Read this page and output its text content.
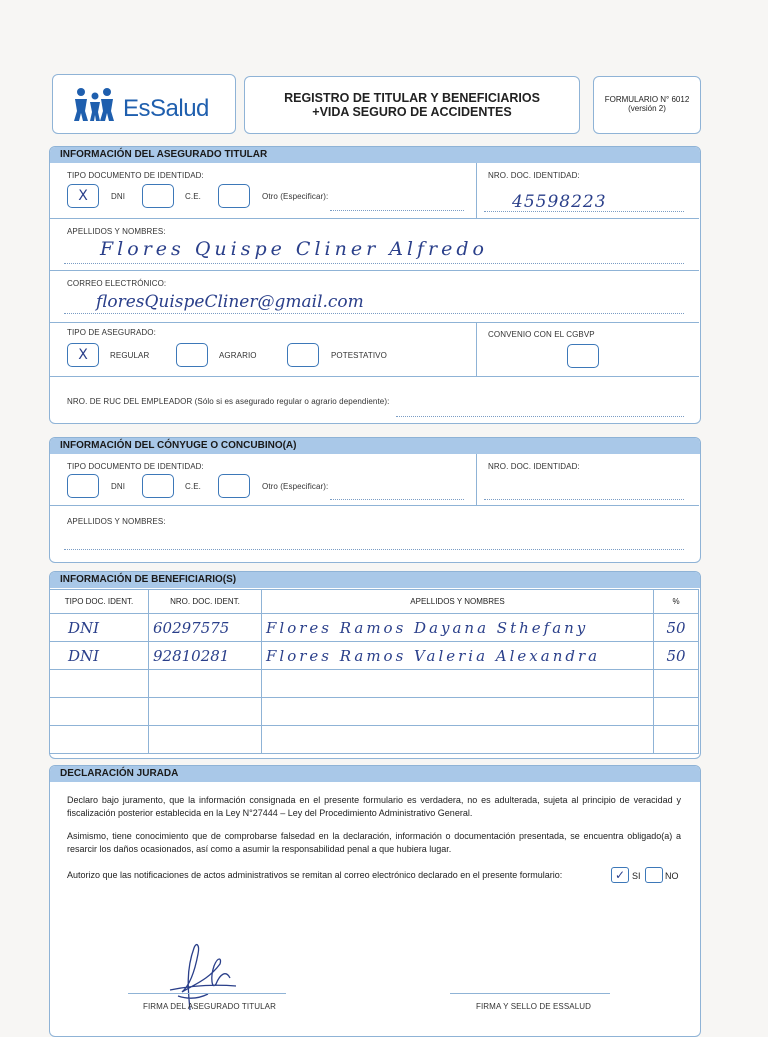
EsSalud	REGISTRO DE TITULAR Y BENEFICIARIOS
+VIDA SEGURO DE ACCIDENTES
FORMULARIO N° 6012
(versión 2)
INFORMACIÓN DEL ASEGURADO TITULAR
TIPO DOCUMENTO DE IDENTIDAD:
X	DNI	C.E.	Otro (Especificar):
NRO. DOC. IDENTIDAD:
45598223
APELLIDOS Y NOMBRES:
Flores Quispe Cliner Alfredo
CORREO ELECTRÓNICO:
floresQuispeCliner@gmail.com
TIPO DE ASEGURADO:
X	REGULAR	AGRARIO	POTESTATIVO
CONVENIO CON EL CGBVP
NRO. DE RUC DEL EMPLEADOR (Sólo si es asegurado regular o agrario dependiente):
INFORMACIÓN DEL CÓNYUGE O CONCUBINO(A)
TIPO DOCUMENTO DE IDENTIDAD:
DNI	C.E.	Otro (Especificar):
NRO. DOC. IDENTIDAD:
APELLIDOS Y NOMBRES:
INFORMACIÓN DE BENEFICIARIO(S)
TIPO DOC. IDENT.	NRO. DOC. IDENT.	APELLIDOS Y NOMBRES	%
DNI	60297575	Flores Ramos Dayana Sthefany	50
DNI	92810281	Flores Ramos Valeria Alexandra	50

DECLARACIÓN JURADA
Declaro bajo juramento, que la información consignada en el presente formulario es verdadera, no es adulterada, sujeta al principio de veracidad y fiscalización posterior establecida en la Ley N°27444 – Ley del Procedimiento Administrativo General.
Asimismo, tiene conocimiento que de comprobarse falsedad en la declaración, información o documentación presentada, se encuentra obligado(a) a resarcir los daños ocasionados, así como a asumir la responsabilidad penal a que hubiera lugar.
Autorizo que las notificaciones de actos administrativos se remitan al correo electrónico declarado en el presente formulario:	✓ SI	NO
FIRMA DEL ASEGURADO TITULAR	FIRMA Y SELLO DE ESSALUD
